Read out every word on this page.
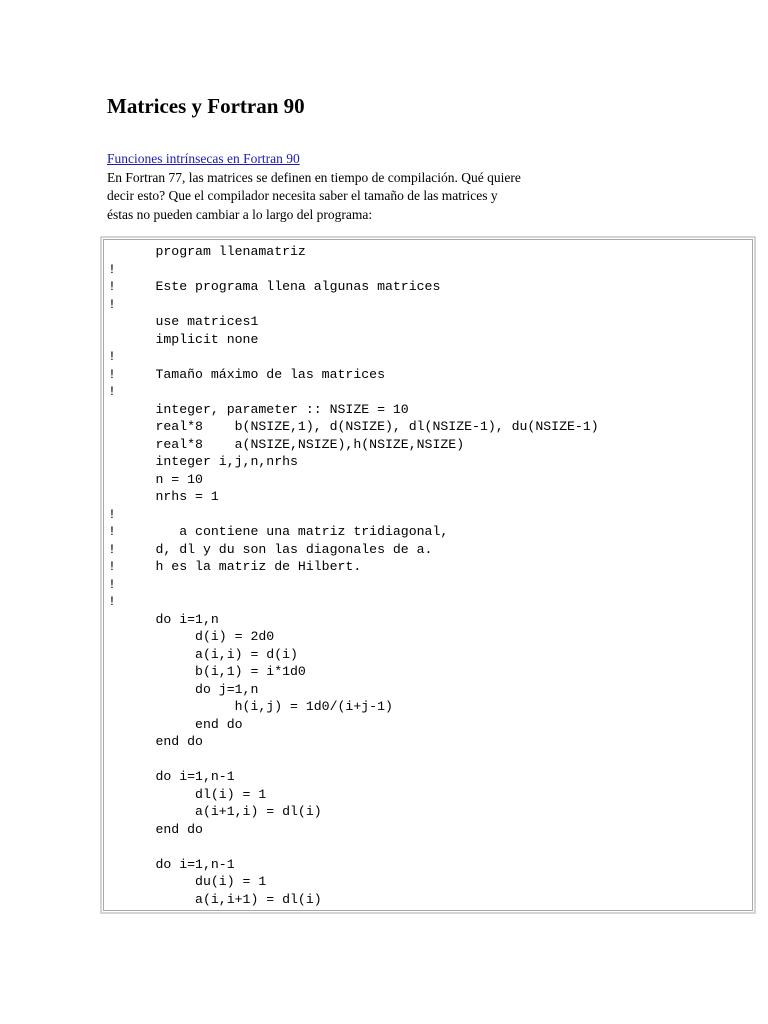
Matrices y Fortran 90
Funciones intrínsecas en Fortran 90

En Fortran 77, las matrices se definen en tiempo de compilación. Qué quiere

decir esto? Que el compilador necesita saber el tamaño de las matrices y

éstas no pueden cambiar a lo largo del programa:

program llenamatriz
!
!     Este programa llena algunas matrices
!
use matrices1
implicit none
!
!     Tamaño máximo de las matrices
!
integer, parameter :: NSIZE = 10
real*8    b(NSIZE,1), d(NSIZE), dl(NSIZE-1), du(NSIZE-1)
real*8    a(NSIZE,NSIZE),h(NSIZE,NSIZE)
integer i,j,n,nrhs
n = 10
nrhs = 1
!
!        a contiene una matriz tridiagonal,
!     d, dl y du son las diagonales de a.
!     h es la matriz de Hilbert.
!
!
do i=1,n
d(i) = 2d0
a(i,i) = d(i)
b(i,1) = i*1d0
do j=1,n
h(i,j) = 1d0/(i+j-1)
end do
end do
do i=1,n-1
dl(i) = 1
a(i+1,i) = dl(i)
end do
do i=1,n-1
du(i) = 1
a(i,i+1) = dl(i)
